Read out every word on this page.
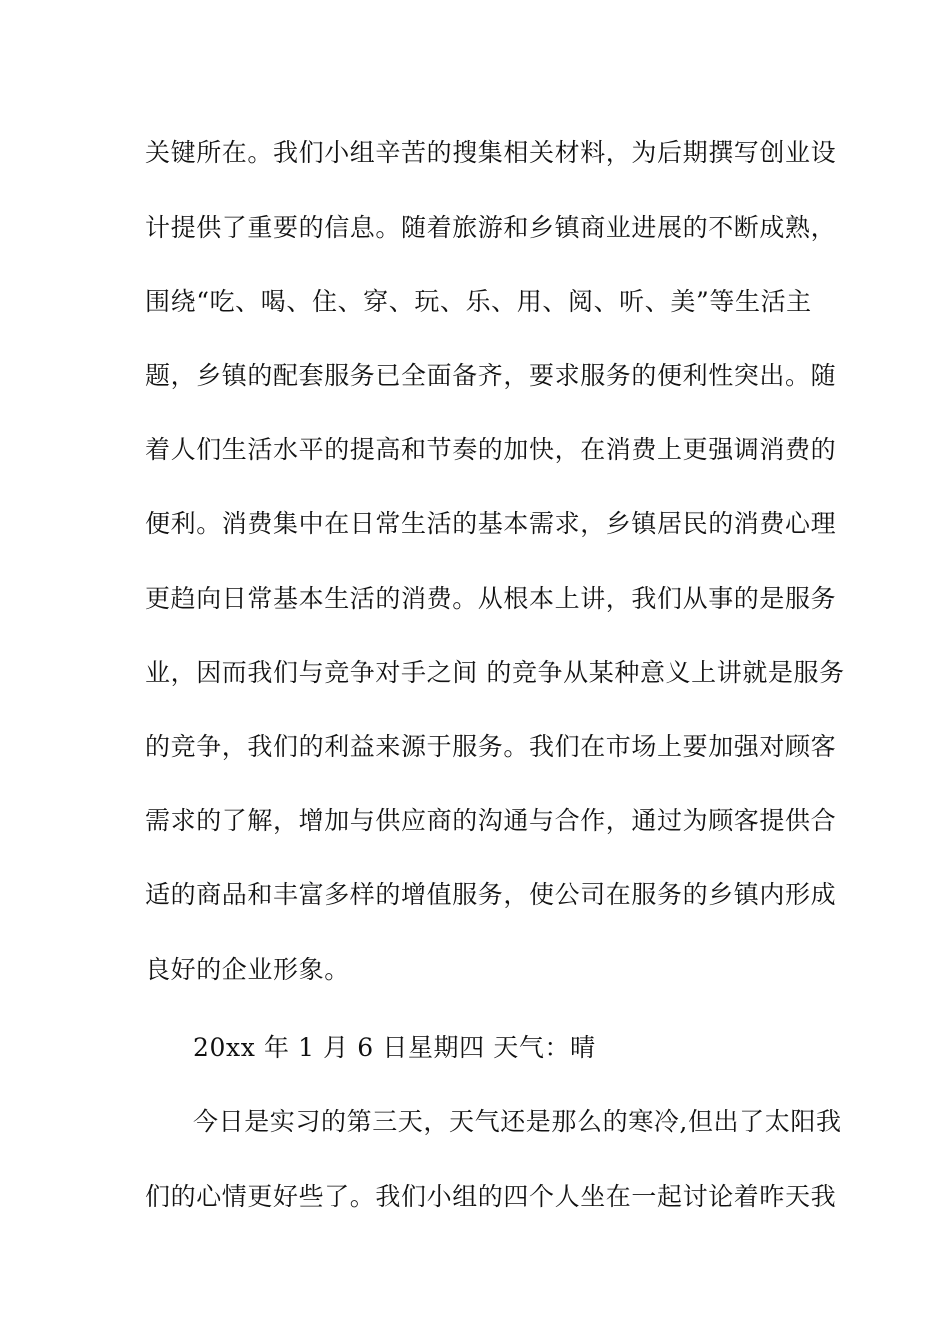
关键所在。我们小组辛苦的搜集相关材料，为后期撰写创业设
计提供了重要的信息。随着旅游和乡镇商业进展的不断成熟，
围绕“吃、喝、住、穿、玩、乐、用、阅、听、美”等生活主
题，乡镇的配套服务已全面备齐，要求服务的便利性突出。随
着人们生活水平的提高和节奏的加快，在消费上更强调消费的
便利。消费集中在日常生活的基本需求，乡镇居民的消费心理
更趋向日常基本生活的消费。从根本上讲，我们从事的是服务
业，因而我们与竞争对手之间 的竞争从某种意义上讲就是服务
的竞争，我们的利益来源于服务。我们在市场上要加强对顾客
需求的了解，增加与供应商的沟通与合作，通过为顾客提供合
适的商品和丰富多样的增值服务，使公司在服务的乡镇内形成
良好的企业形象。
20xx 年 1 月 6 日星期四 天气：晴
今日是实习的第三天，天气还是那么的寒冷,但出了太阳我
们的心情更好些了。我们小组的四个人坐在一起讨论着昨天我
